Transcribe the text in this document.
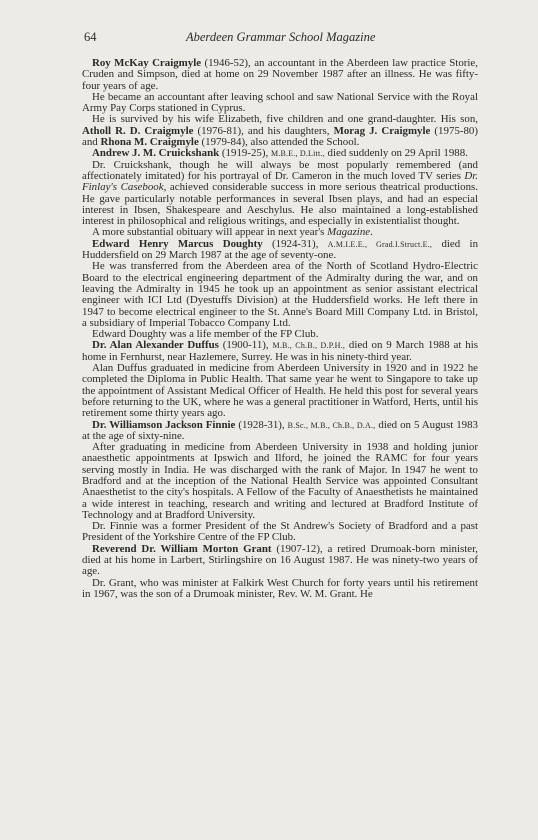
64	Aberdeen Grammar School Magazine

Roy McKay Craigmyle (1946-52), an accountant in the Aberdeen law practice Storie, Cruden and Simpson, died at home on 29 November 1987 after an illness. He was fifty-four years of age.

He became an accountant after leaving school and saw National Service with the Royal Army Pay Corps stationed in Cyprus.

He is survived by his wife Elizabeth, five children and one grand-daughter. His son, Atholl R. D. Craigmyle (1976-81), and his daughters, Morag J. Craigmyle (1975-80) and Rhona M. Craigmyle (1979-84), also attended the School.

Andrew J. M. Cruickshank (1919-25), M.B.E., D.Litt., died suddenly on 29 April 1988.

Dr. Cruickshank, though he will always be most popularly remembered (and affectionately imitated) for his portrayal of Dr. Cameron in the much loved TV series Dr. Finlay's Casebook, achieved considerable success in more serious theatrical productions. He gave particularly notable performances in several Ibsen plays, and had an especial interest in Ibsen, Shakespeare and Aeschylus. He also maintained a long-established interest in philosophical and religious writings, and especially in existentialist thought.

A more substantial obituary will appear in next year's Magazine.

Edward Henry Marcus Doughty (1924-31), A.M.I.E.E., Grad.I.Struct.E., died in Huddersfield on 29 March 1987 at the age of seventy-one.

He was transferred from the Aberdeen area of the North of Scotland Hydro-Electric Board to the electrical engineering department of the Admiralty during the war, and on leaving the Admiralty in 1945 he took up an appointment as senior assistant electrical engineer with ICI Ltd (Dyestuffs Division) at the Huddersfield works. He left there in 1947 to become electrical engineer to the St. Anne's Board Mill Company Ltd. in Bristol, a subsidiary of Imperial Tobacco Company Ltd.

Edward Doughty was a life member of the FP Club.

Dr. Alan Alexander Duffus (1900-11), M.B., Ch.B., D.P.H., died on 9 March 1988 at his home in Fernhurst, near Hazlemere, Surrey. He was in his ninety-third year.

Alan Duffus graduated in medicine from Aberdeen University in 1920 and in 1922 he completed the Diploma in Public Health. That same year he went to Singapore to take up the appointment of Assistant Medical Officer of Health. He held this post for several years before returning to the UK, where he was a general practitioner in Watford, Herts, until his retirement some thirty years ago.

Dr. Williamson Jackson Finnie (1928-31), B.Sc., M.B., Ch.B., D.A., died on 5 August 1983 at the age of sixty-nine.

After graduating in medicine from Aberdeen University in 1938 and holding junior anaesthetic appointments at Ipswich and Ilford, he joined the RAMC for four years serving mostly in India. He was discharged with the rank of Major. In 1947 he went to Bradford and at the inception of the National Health Service was appointed Consultant Anaesthetist to the city's hospitals. A Fellow of the Faculty of Anaesthetists he maintained a wide interest in teaching, research and writing and lectured at Bradford Institute of Technology and at Bradford University.

Dr. Finnie was a former President of the St Andrew's Society of Bradford and a past President of the Yorkshire Centre of the FP Club.

Reverend Dr. William Morton Grant (1907-12), a retired Drumoak-born minister, died at his home in Larbert, Stirlingshire on 16 August 1987. He was ninety-two years of age.

Dr. Grant, who was minister at Falkirk West Church for forty years until his retirement in 1967, was the son of a Drumoak minister, Rev. W. M. Grant. He
